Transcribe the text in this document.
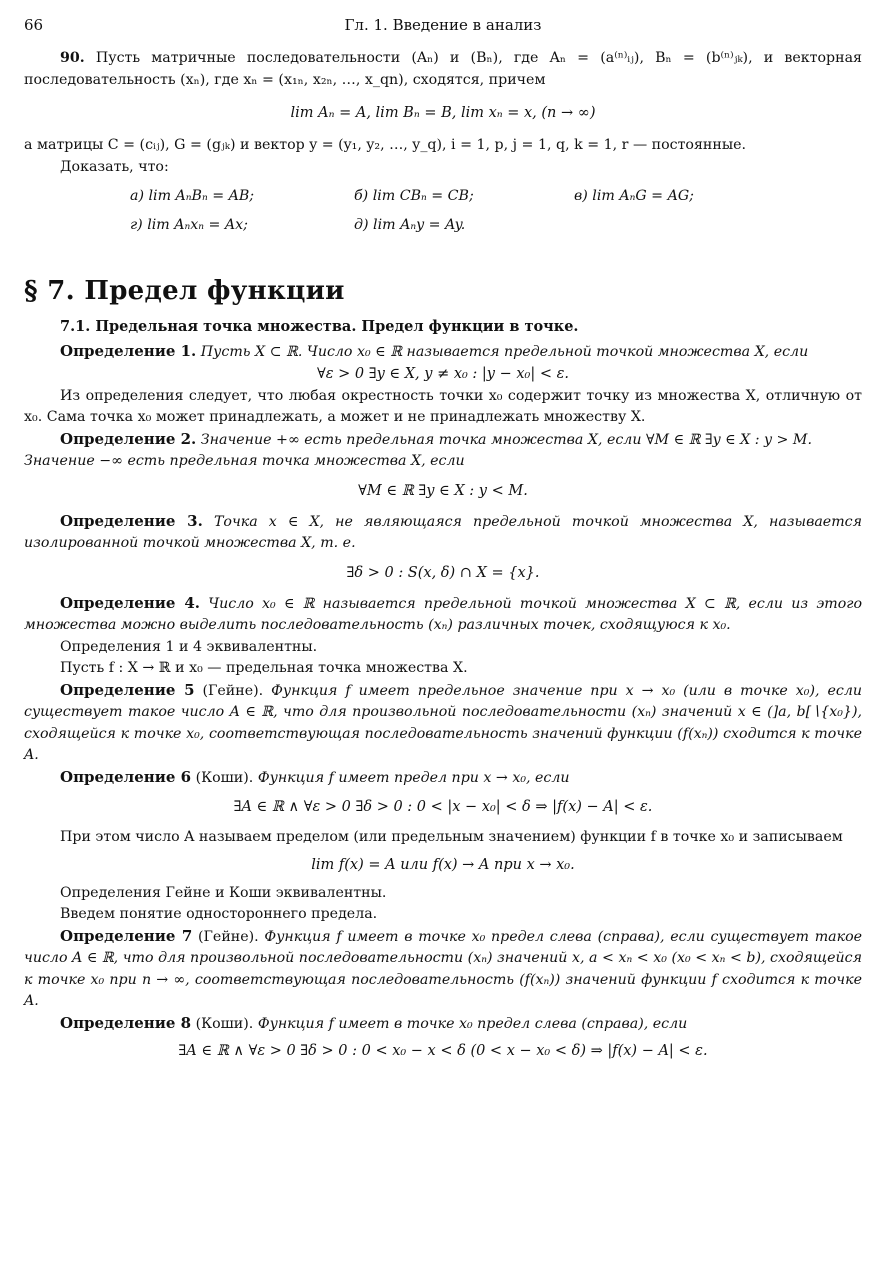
66	Гл. 1. Введение в анализ

90. Пусть матричные последовательности (Aₙ) и (Bₙ), где Aₙ = (a⁽ⁿ⁾ᵢⱼ), Bₙ = (b⁽ⁿ⁾ⱼₖ), и векторная последовательность (xₙ), где xₙ = (x₁ₙ, x₂ₙ, …, x_qn), сходятся, причем

lim Aₙ = A, lim Bₙ = B, lim xₙ = x, (n → ∞)

а матрицы C = (cᵢⱼ), G = (gⱼₖ) и вектор y = (y₁, y₂, …, y_q), i = 1, p, j = 1, q, k = 1, r — постоянные.

Доказать, что:

а) lim AₙBₙ = AB;	б) lim CBₙ = CB;	в) lim AₙG = AG;
г) lim Aₙxₙ = Ax;	д) lim Aₙy = Ay.

§ 7. Предел функции

7.1. Предельная точка множества. Предел функции в точке.

Определение 1. Пусть X ⊂ ℝ. Число x₀ ∈ ℝ называется предельной точкой множества X, если

∀ε > 0 ∃y ∈ X, y ≠ x₀ : |y − x₀| < ε.

Из определения следует, что любая окрестность точки x₀ содержит точку из множества X, отличную от x₀. Сама точка x₀ может принадлежать, а может и не принадлежать множеству X.

Определение 2. Значение +∞ есть предельная точка множества X, если ∀M ∈ ℝ ∃y ∈ X : y > M.

Значение −∞ есть предельная точка множества X, если

∀M ∈ ℝ ∃y ∈ X : y < M.

Определение 3. Точка x ∈ X, не являющаяся предельной точкой множества X, называется изолированной точкой множества X, т. е.

∃δ > 0 : S(x, δ) ∩ X = {x}.

Определение 4. Число x₀ ∈ ℝ называется предельной точкой множества X ⊂ ℝ, если из этого множества можно выделить последовательность (xₙ) различных точек, сходящуюся к x₀.

Определения 1 и 4 эквивалентны.

Пусть f : X → ℝ и x₀ — предельная точка множества X.

Определение 5 (Гейне). Функция f имеет предельное значение при x → x₀ (или в точке x₀), если существует такое число A ∈ ℝ, что для произвольной последовательности (xₙ) значений x ∈ (]a, b[∖{x₀}), сходящейся к точке x₀, соответствующая последовательность значений функции (f(xₙ)) сходится к точке A.

Определение 6 (Коши). Функция f имеет предел при x → x₀, если

∃A ∈ ℝ ∧ ∀ε > 0 ∃δ > 0 : 0 < |x − x₀| < δ ⇒ |f(x) − A| < ε.

При этом число A называем пределом (или предельным значением) функции f в точке x₀ и записываем

lim f(x) = A или f(x) → A при x → x₀.

Определения Гейне и Коши эквивалентны.

Введем понятие одностороннего предела.

Определение 7 (Гейне). Функция f имеет в точке x₀ предел слева (справа), если существует такое число A ∈ ℝ, что для произвольной последовательности (xₙ) значений x, a < xₙ < x₀ (x₀ < xₙ < b), сходящейся к точке x₀ при n → ∞, соответствующая последовательность (f(xₙ)) значений функции f сходится к точке A.

Определение 8 (Коши). Функция f имеет в точке x₀ предел слева (справа), если

∃A ∈ ℝ ∧ ∀ε > 0 ∃δ > 0 : 0 < x₀ − x < δ (0 < x − x₀ < δ) ⇒ |f(x) − A| < ε.
